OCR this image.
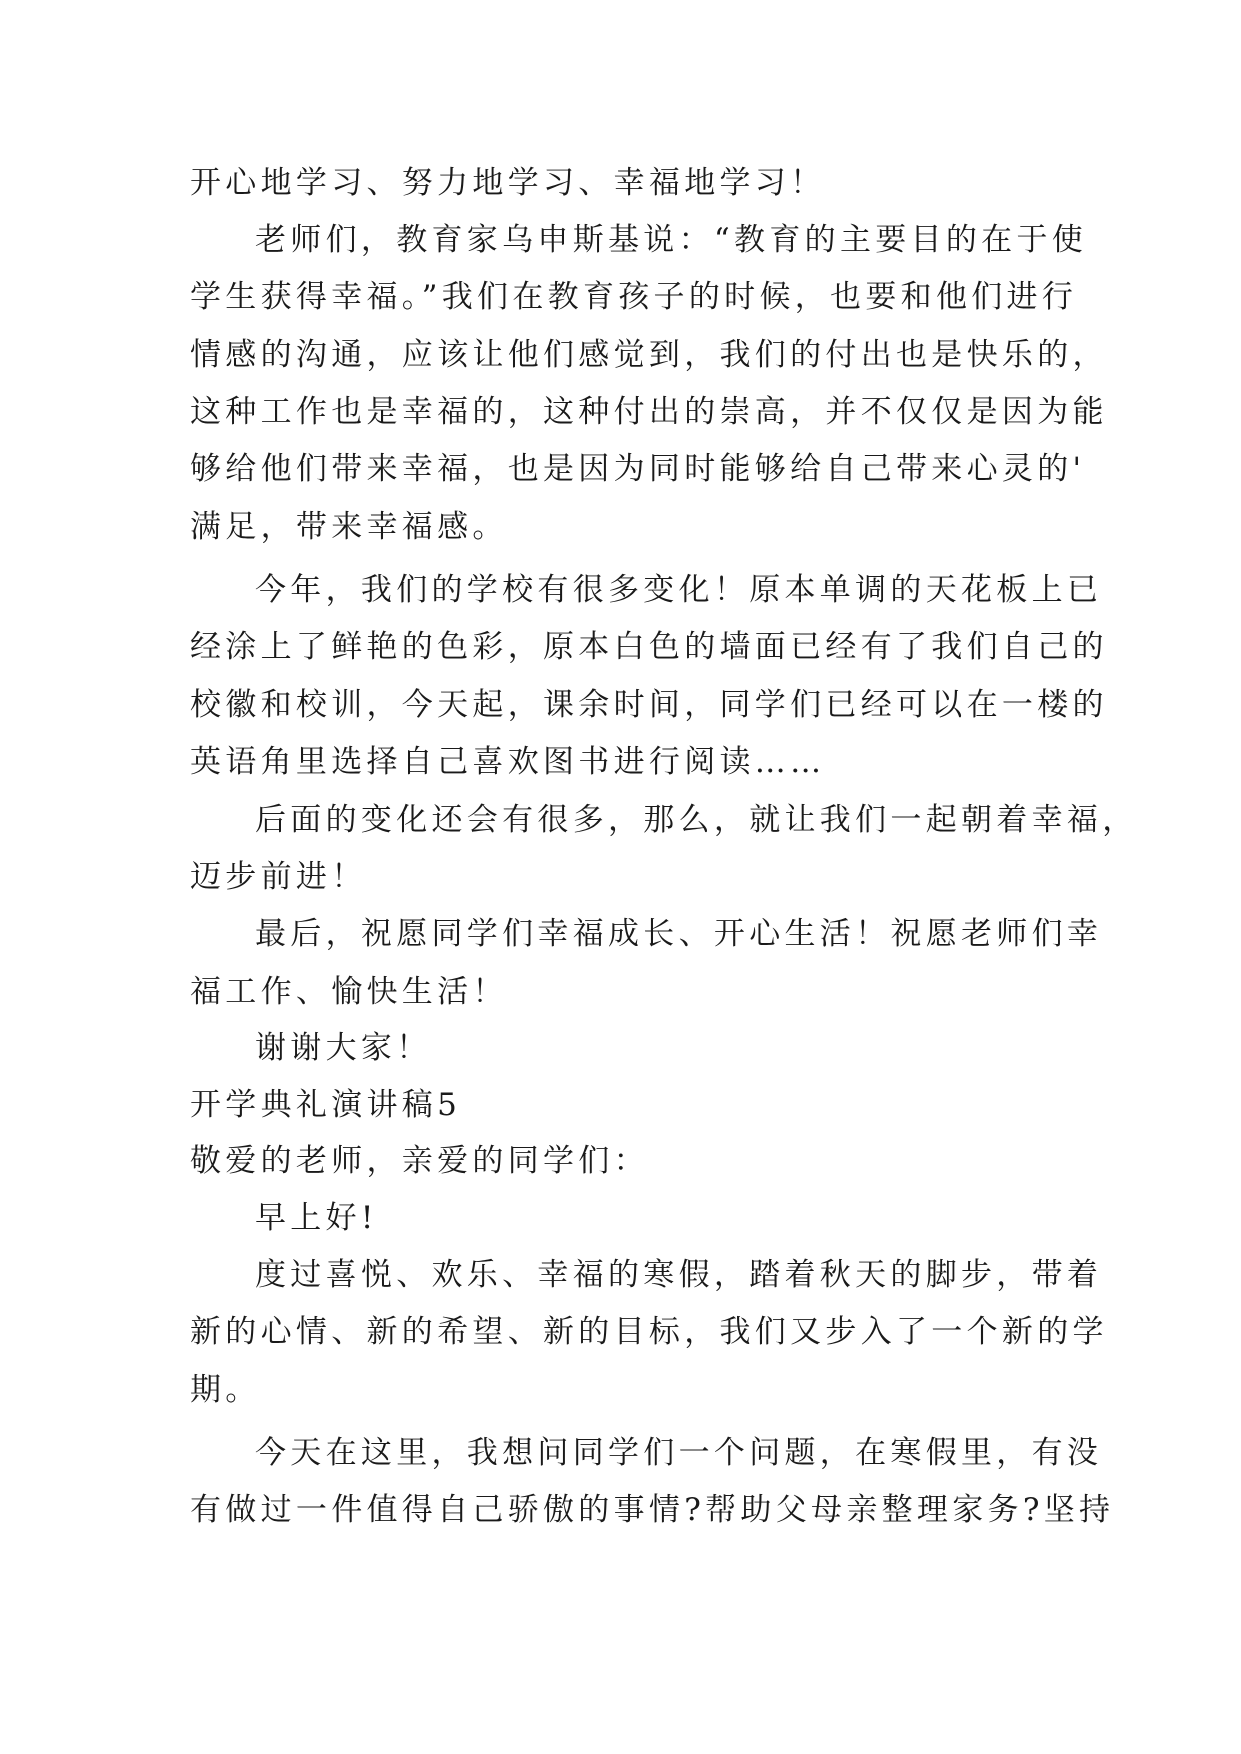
开心地学习、努力地学习、幸福地学习！
老师们，教育家乌申斯基说：“教育的主要目的在于使
学生获得幸福。”我们在教育孩子的时候，也要和他们进行
情感的沟通，应该让他们感觉到，我们的付出也是快乐的，
这种工作也是幸福的，这种付出的崇高，并不仅仅是因为能
够给他们带来幸福，也是因为同时能够给自己带来心灵的'
满足，带来幸福感。
今年，我们的学校有很多变化！原本单调的天花板上已
经涂上了鲜艳的色彩，原本白色的墙面已经有了我们自己的
校徽和校训，今天起，课余时间，同学们已经可以在一楼的
英语角里选择自己喜欢图书进行阅读……
后面的变化还会有很多，那么，就让我们一起朝着幸福，
迈步前进！
最后，祝愿同学们幸福成长、开心生活！祝愿老师们幸
福工作、愉快生活！
谢谢大家！
开学典礼演讲稿5
敬爱的老师，亲爱的同学们：
早上好!
度过喜悦、欢乐、幸福的寒假，踏着秋天的脚步，带着
新的心情、新的希望、新的目标，我们又步入了一个新的学
期。
今天在这里，我想问同学们一个问题，在寒假里，有没
有做过一件值得自己骄傲的事情?帮助父母亲整理家务?坚持
